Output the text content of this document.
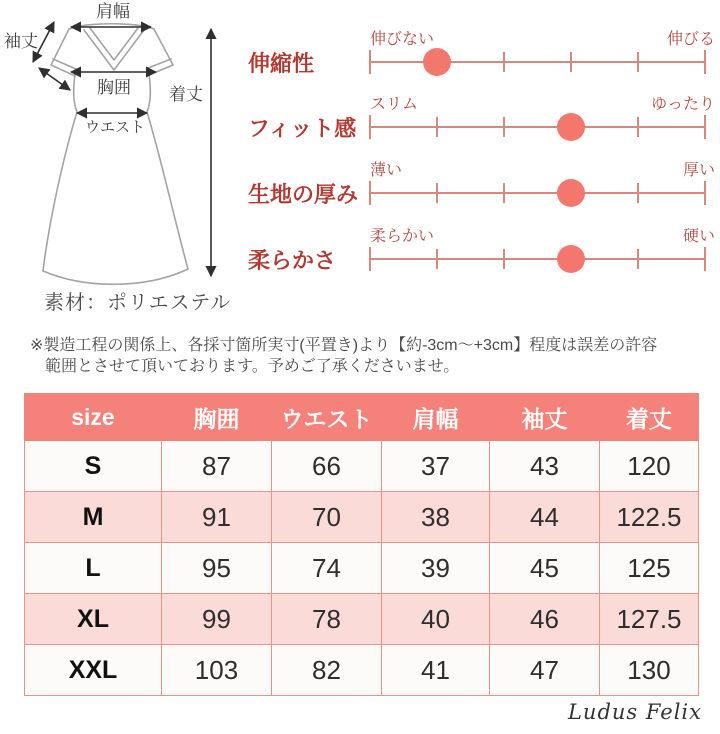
肩幅
袖丈
胸囲
ウエスト
着丈
素材：ポリエステル
伸縮性
伸びない	伸びる
フィット感
スリム	ゆったり
生地の厚み
薄い	厚い
柔らかさ
柔らかい	硬い
※製造工程の関係上、各採寸箇所実寸(平置き)より【約-3cm～+3cm】程度は誤差の許容
範囲とさせて頂いております。予めご了承くださいませ。
size	胸囲	ウエスト	肩幅	袖丈	着丈
S	87	66	37	43	120
M	91	70	38	44	122.5
L	95	74	39	45	125
XL	99	78	40	46	127.5
XXL	103	82	41	47	130
Ludus Felix
